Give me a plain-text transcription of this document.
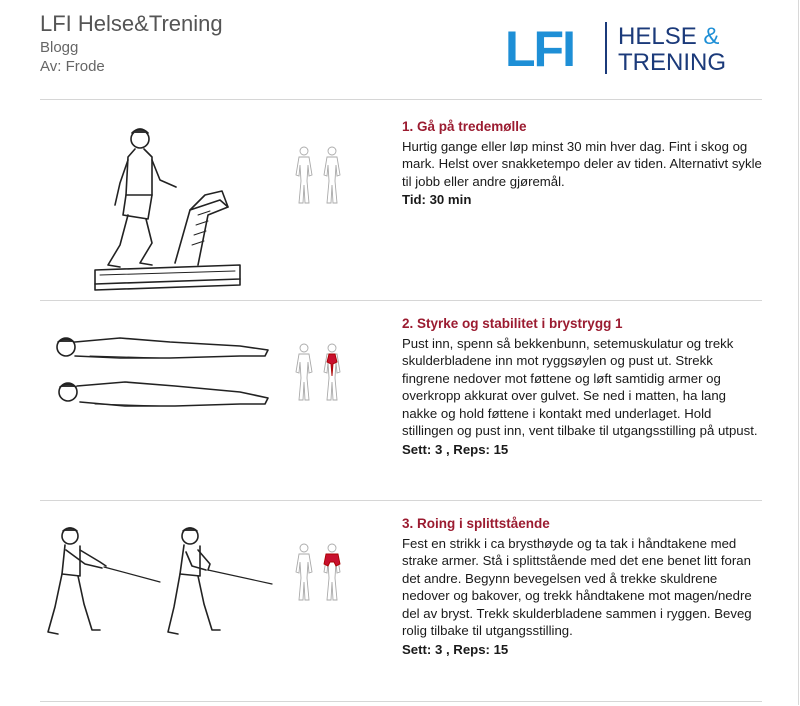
LFI Helse&Trening
Blogg
Av: Frode	LFI HELSE &
TRENING
1. Gå på tredemølle

Hurtig gange eller løp minst 30 min hver dag. Fint i skog og mark. Helst over snakketempo deler av tiden. Alternativt sykle til jobb eller andre gjøremål.

Tid: 30 min
2. Styrke og stabilitet i brystrygg 1

Pust inn, spenn så bekkenbunn, setemuskulatur og trekk skulderbladene inn mot ryggsøylen og pust ut. Strekk fingrene nedover mot føttene og løft samtidig armer og overkropp akkurat over gulvet. Se ned i matten, ha lang nakke og hold føttene i kontakt med underlaget. Hold stillingen og pust inn, vent tilbake til utgangsstilling på utpust.

Sett: 3 , Reps: 15
3. Roing i splittstående

Fest en strikk i ca brysthøyde og ta tak i håndtakene med strake armer. Stå i splittstående med det ene benet litt foran det andre. Begynn bevegelsen ved å trekke skuldrene nedover og bakover, og trekk håndtakene mot magen/nedre del av bryst. Trekk skulderbladene sammen i ryggen. Beveg rolig tilbake til utgangsstilling.

Sett: 3 , Reps: 15
